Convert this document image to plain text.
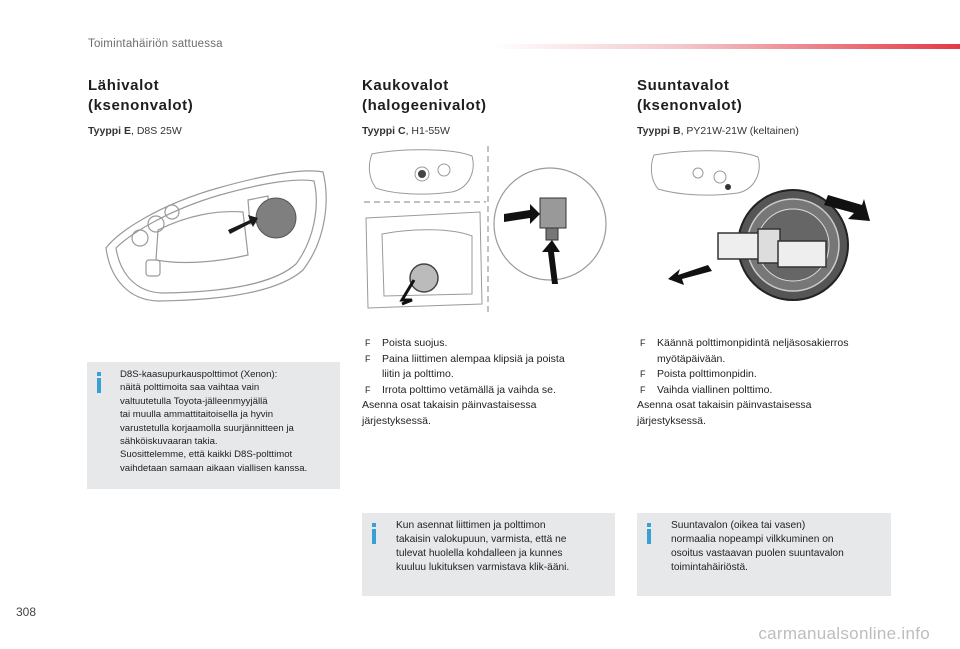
Toimintahäiriön sattuessa
Lähivalot
(ksenonvalot)
Tyyppi E, D8S 25W
D8S-kaasupurkauspolttimot (Xenon):
näitä polttimoita saa vaihtaa vain
valtuutetulla Toyota-jälleenmyyjällä
tai muulla ammattitaitoisella ja hyvin
varustetulla korjaamolla suurjännitteen ja
sähköiskuvaaran takia.
Suosittelemme, että kaikki D8S-polttimot
vaihdetaan samaan aikaan viallisen kanssa.
Kaukovalot
(halogeenivalot)
Tyyppi C, H1-55W
F Poista suojus.
F Paina liittimen alempaa klipsiä ja poista
liitin ja polttimo.
F Irrota polttimo vetämällä ja vaihda se.
Asenna osat takaisin päinvastaisessa
järjestyksessä.
Kun asennat liittimen ja polttimon
takaisin valokupuun, varmista, että ne
tulevat huolella kohdalleen ja kunnes
kuuluu lukituksen varmistava klik-ääni.
Suuntavalot
(ksenonvalot)
Tyyppi B, PY21W-21W (keltainen)
F Käännä polttimonpidintä neljäsosakierros
myötäpäivään.
F Poista polttimonpidin.
F Vaihda viallinen polttimo.
Asenna osat takaisin päinvastaisessa
järjestyksessä.
Suuntavalon (oikea tai vasen)
normaalia nopeampi vilkkuminen on
osoitus vastaavan puolen suuntavalon
toimintahäiriöstä.
308
carmanualsonline.info
